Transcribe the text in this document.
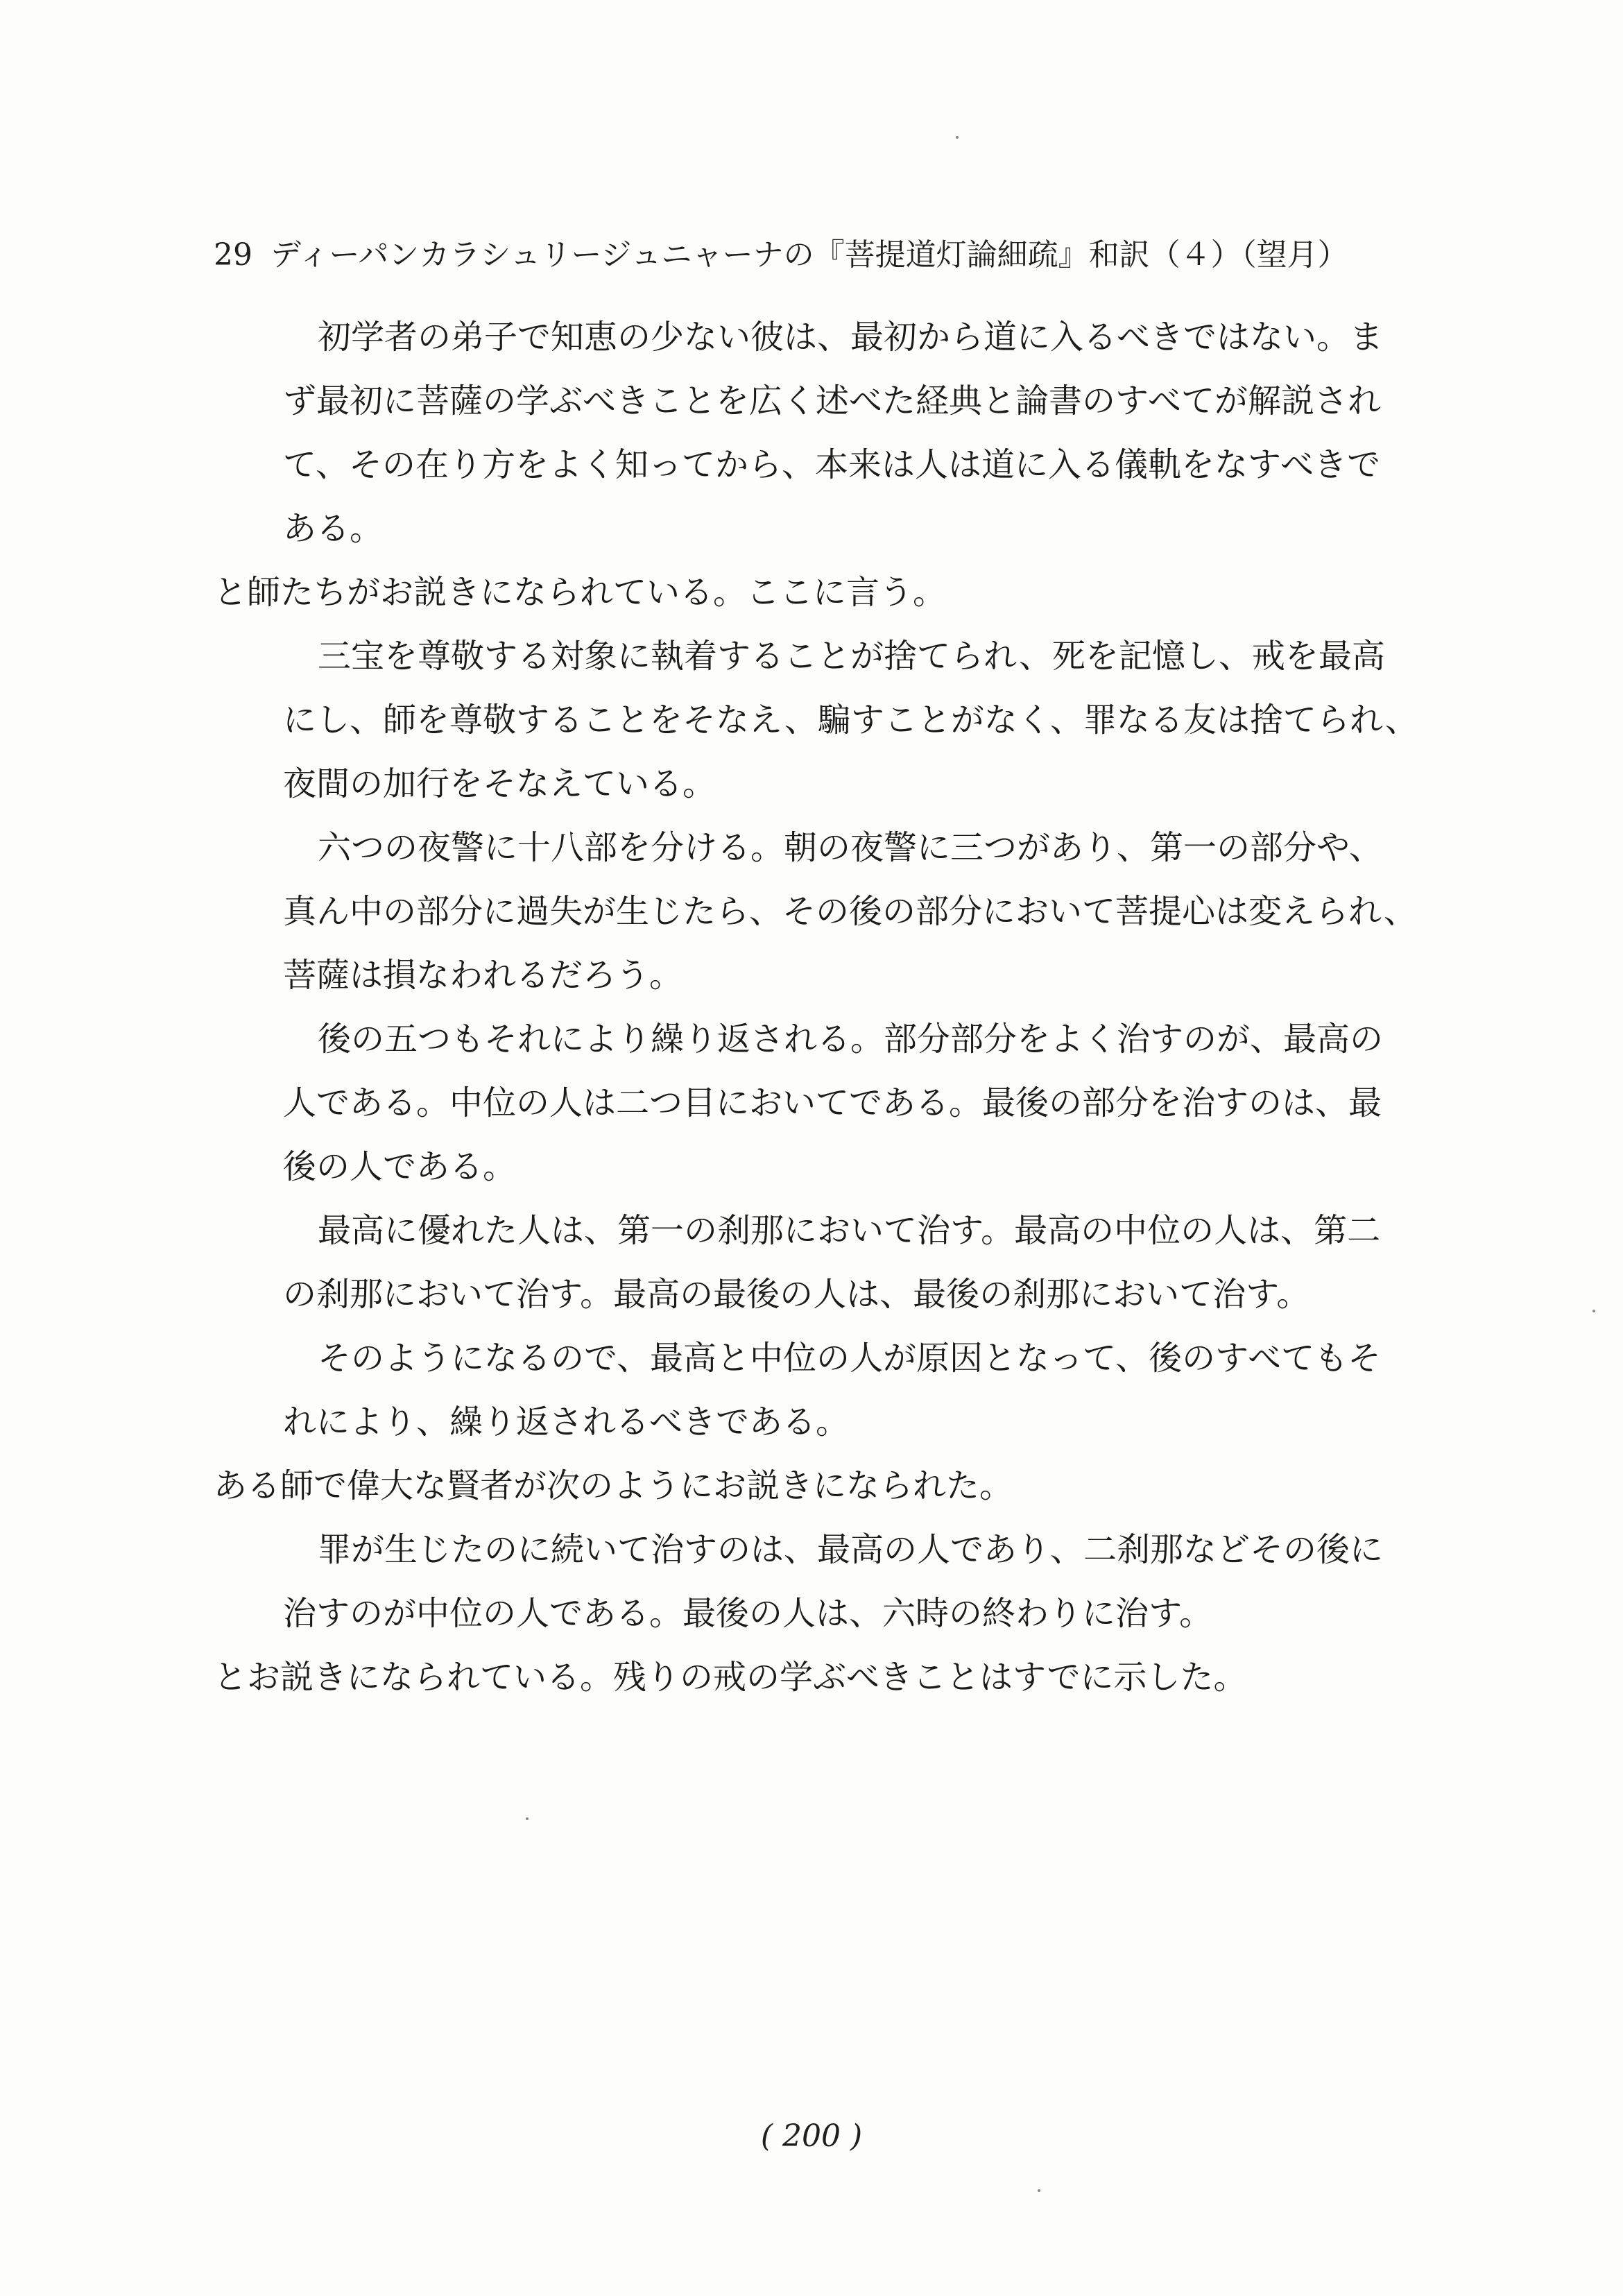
29 ディーパンカラシュリージュニャーナの『菩提道灯論細疏』和訳（４）（望月）
初学者の弟子で知恵の少ない彼は、最初から道に入るべきではない。ま
ず最初に菩薩の学ぶべきことを広く述べた経典と論書のすべてが解説され
て、その在り方をよく知ってから、本来は人は道に入る儀軌をなすべきで
ある。
と師たちがお説きになられている。ここに言う。
三宝を尊敬する対象に執着することが捨てられ、死を記憶し、戒を最高
にし、師を尊敬することをそなえ、騙すことがなく、罪なる友は捨てられ、
夜間の加行をそなえている。
六つの夜警に十八部を分ける。朝の夜警に三つがあり、第一の部分や、
真ん中の部分に過失が生じたら、その後の部分において菩提心は変えられ、
菩薩は損なわれるだろう。
後の五つもそれにより繰り返される。部分部分をよく治すのが、最高の
人である。中位の人は二つ目においてである。最後の部分を治すのは、最
後の人である。
最高に優れた人は、第一の刹那において治す。最高の中位の人は、第二
の刹那において治す。最高の最後の人は、最後の刹那において治す。
そのようになるので、最高と中位の人が原因となって、後のすべてもそ
れにより、繰り返されるべきである。
ある師で偉大な賢者が次のようにお説きになられた。
罪が生じたのに続いて治すのは、最高の人であり、二刹那などその後に
治すのが中位の人である。最後の人は、六時の終わりに治す。
とお説きになられている。残りの戒の学ぶべきことはすでに示した。
( 200 )
